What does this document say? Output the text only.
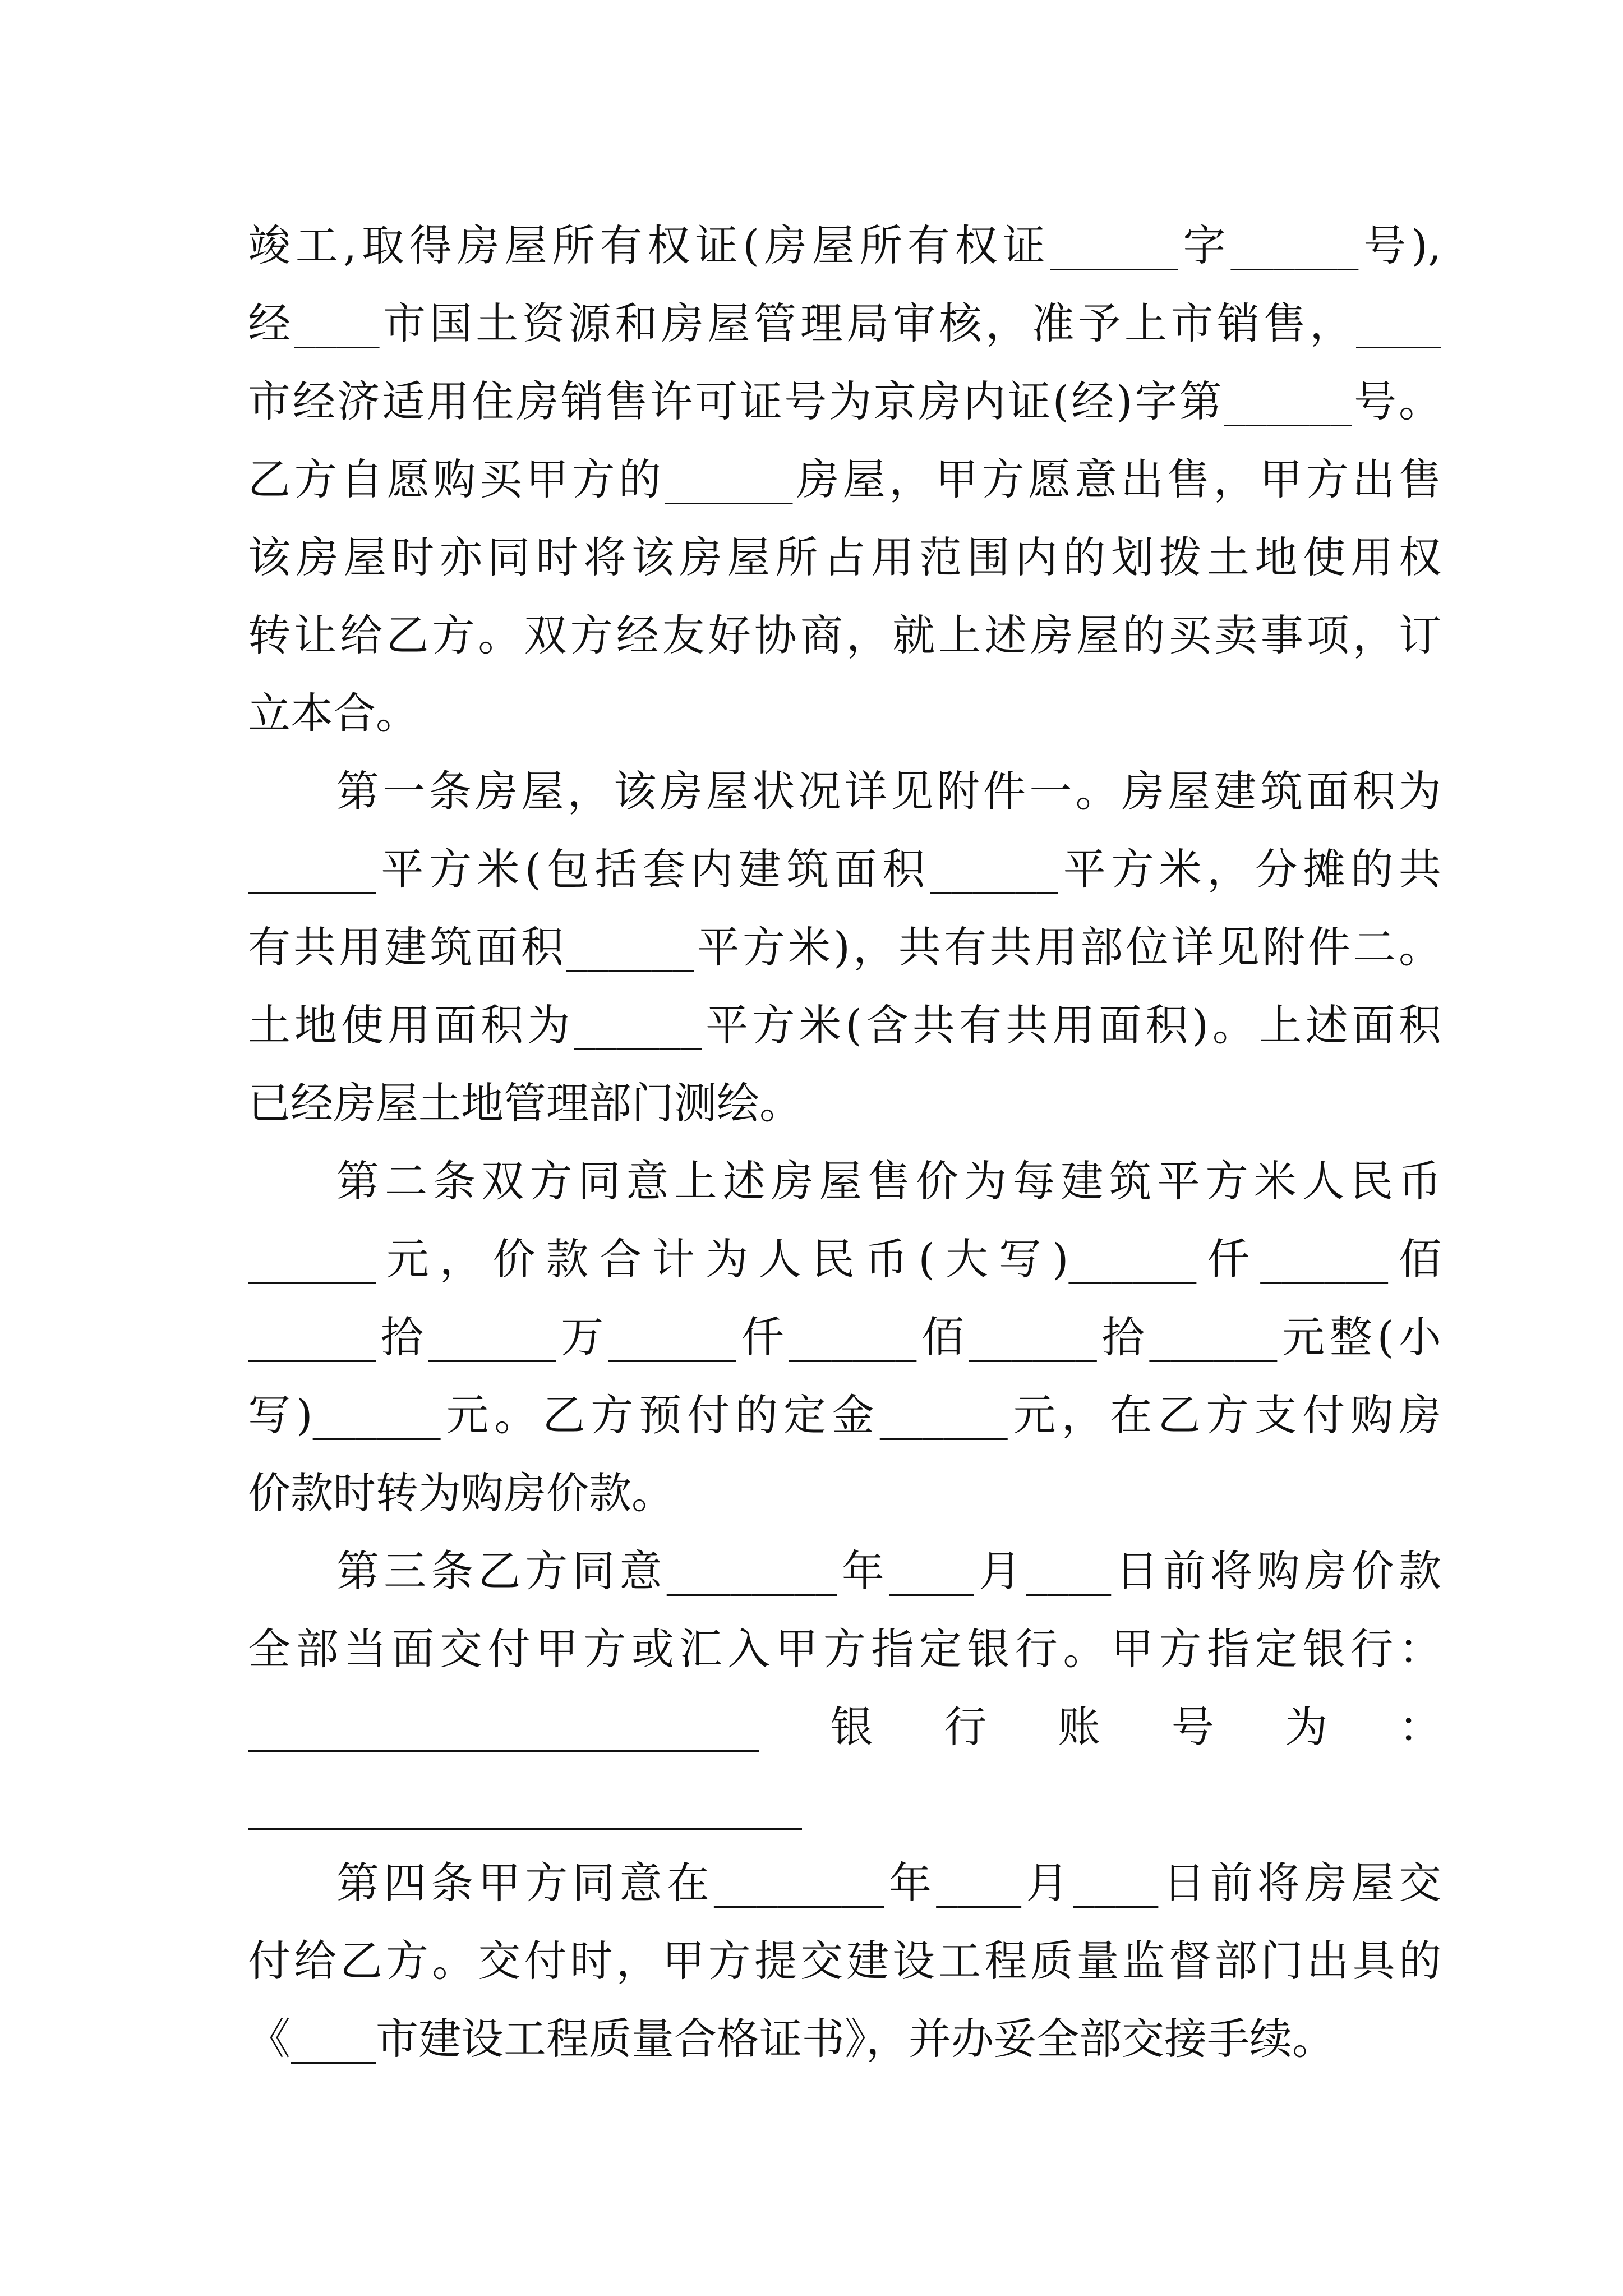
竣工,取得房屋所有权证(房屋所有权证______字______号),
经____市国土资源和房屋管理局审核，准予上市销售，____
市经济适用住房销售许可证号为京房内证(经)字第______号。
乙方自愿购买甲方的______房屋，甲方愿意出售，甲方出售
该房屋时亦同时将该房屋所占用范围内的划拨土地使用权
转让给乙方。双方经友好协商，就上述房屋的买卖事项，订
立本合。
第一条房屋，该房屋状况详见附件一。房屋建筑面积为
______平方米(包括套内建筑面积______平方米，分摊的共
有共用建筑面积______平方米)，共有共用部位详见附件二。
土地使用面积为______平方米(含共有共用面积)。上述面积
已经房屋土地管理部门测绘。
第二条双方同意上述房屋售价为每建筑平方米人民币
______元，价款合计为人民币(大写)______仟______佰
______拾______万______仟______佰______拾______元整(小
写)______元。乙方预付的定金______元，在乙方支付购房
价款时转为购房价款。
第三条乙方同意________年____月____日前将购房价款
全部当面交付甲方或汇入甲方指定银行。甲方指定银行：
________________________银行账号为：
__________________________
第四条甲方同意在________年____月____日前将房屋交
付给乙方。交付时，甲方提交建设工程质量监督部门出具的
《____市建设工程质量合格证书》，并办妥全部交接手续。
